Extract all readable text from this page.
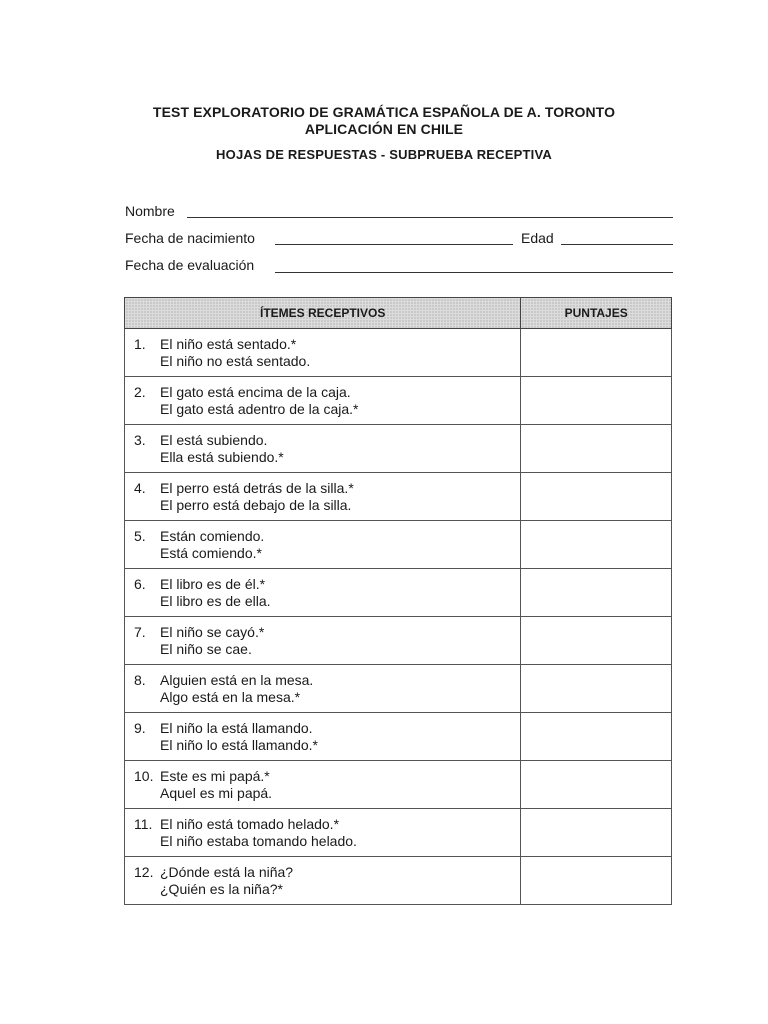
TEST EXPLORATORIO DE GRAMÁTICA ESPAÑOLA DE A. TORONTO
APLICACIÓN EN CHILE
HOJAS DE RESPUESTAS - SUBPRUEBA RECEPTIVA
Nombre
Fecha de nacimiento	Edad
Fecha de evaluación
ÍTEMES RECEPTIVOS	PUNTAJES

1. El niño está sentado.*
El niño no está sentado.	

2. El gato está encima de la caja.
El gato está adentro de la caja.*	

3. El está subiendo.
Ella está subiendo.*	

4. El perro está detrás de la silla.*
El perro está debajo de la silla.	

5. Están comiendo.
Está comiendo.*	

6. El libro es de él.*
El libro es de ella.	

7. El niño se cayó.*
El niño se cae.	

8. Alguien está en la mesa.
Algo está en la mesa.*	

9. El niño la está llamando.
El niño lo está llamando.*	

10. Este es mi papá.*
Aquel es mi papá.	

11. El niño está tomado helado.*
El niño estaba tomando helado.	

12. ¿Dónde está la niña?
¿Quién es la niña?*	
